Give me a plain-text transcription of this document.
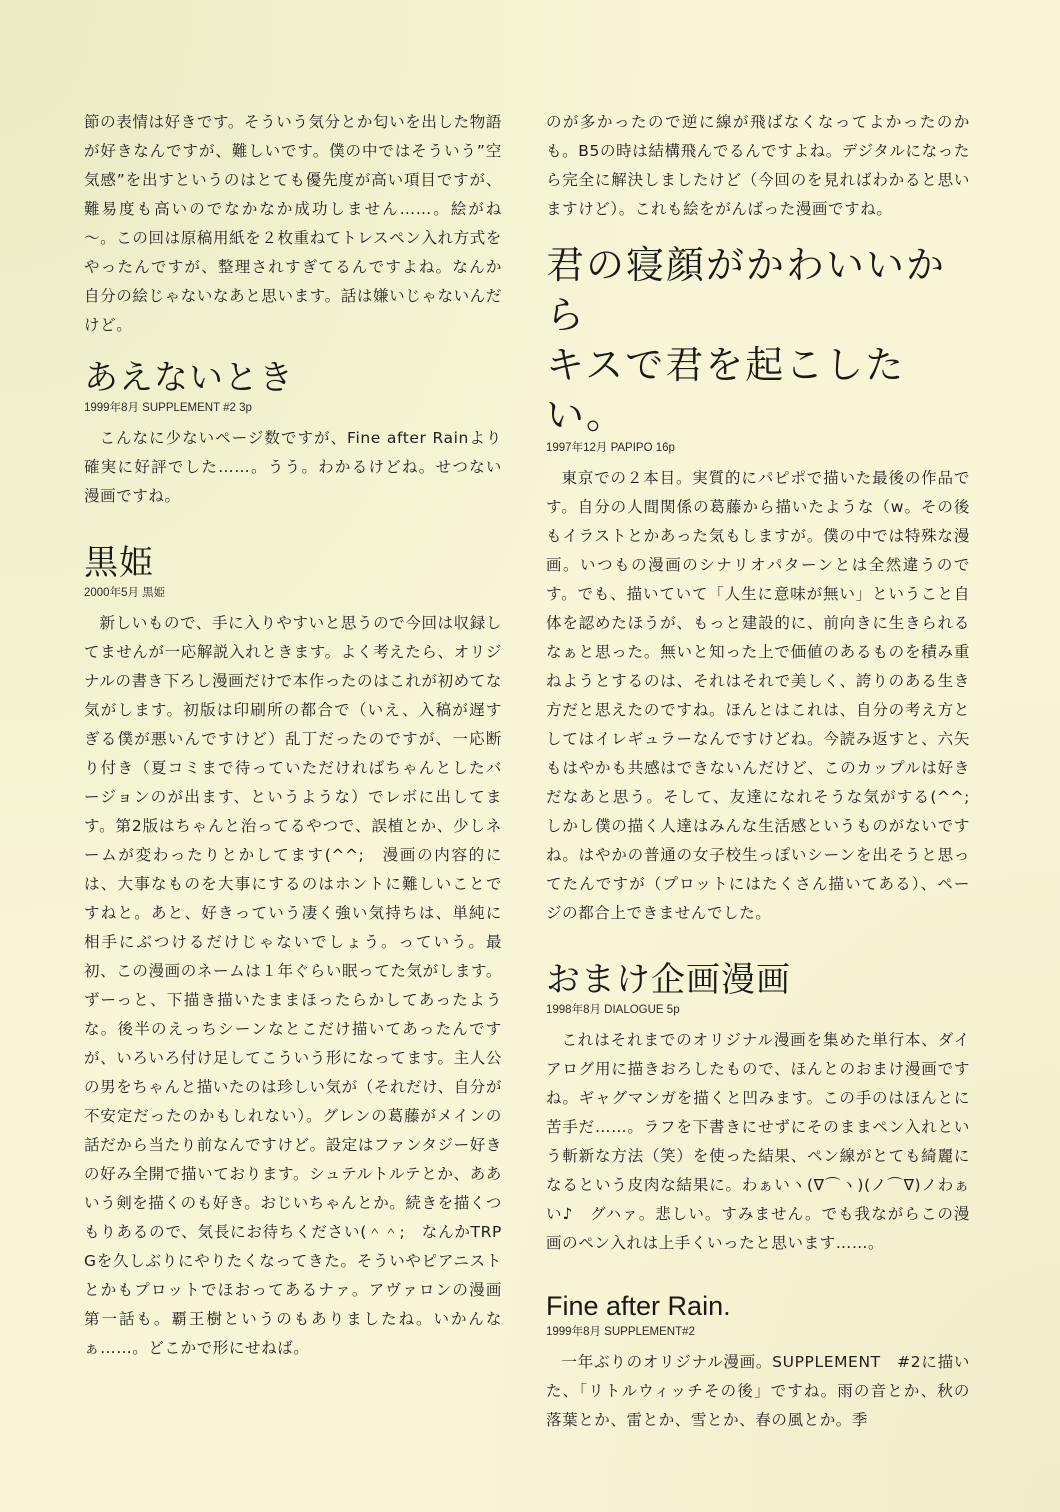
節の表情は好きです。そういう気分とか匂いを出した物語が好きなんですが、難しいです。僕の中ではそういう”空気感”を出すというのはとても優先度が高い項目ですが、難易度も高いのでなかなか成功しません……。絵がね～。この回は原稿用紙を２枚重ねてトレスペン入れ方式をやったんですが、整理されすぎてるんですよね。なんか自分の絵じゃないなあと思います。話は嫌いじゃないんだけど。

あえないとき

1999年8月 SUPPLEMENT #2 3p

こんなに少ないページ数ですが、Fine after Rainより確実に好評でした……。うう。わかるけどね。せつない漫画ですね。

黒姫

2000年5月 黒姫

新しいもので、手に入りやすいと思うので今回は収録してませんが一応解説入れときます。よく考えたら、オリジナルの書き下ろし漫画だけで本作ったのはこれが初めてな気がします。初版は印刷所の都合で（いえ、入稿が遅すぎる僕が悪いんですけど）乱丁だったのですが、一応断り付き（夏コミまで待っていただければちゃんとしたバージョンのが出ます、というような）でレボに出してます。第2版はちゃんと治ってるやつで、誤植とか、少しネームが変わったりとかしてます(^^;　漫画の内容的には、大事なものを大事にするのはホントに難しいことですねと。あと、好きっていう凄く強い気持ちは、単純に相手にぶつけるだけじゃないでしょう。っていう。最初、この漫画のネームは１年ぐらい眠ってた気がします。ずーっと、下描き描いたままほったらかしてあったような。後半のえっちシーンなとこだけ描いてあったんですが、いろいろ付け足してこういう形になってます。主人公の男をちゃんと描いたのは珍しい気が（それだけ、自分が不安定だったのかもしれない）。グレンの葛藤がメインの話だから当たり前なんですけど。設定はファンタジー好きの好み全開で描いております。シュテルトルテとか、ああいう剣を描くのも好き。おじいちゃんとか。続きを描くつもりあるので、気長にお待ちください(＾＾;　なんかTRPGを久しぶりにやりたくなってきた。そういやピアニストとかもプロットでほおってあるナァ。アヴァロンの漫画第一話も。覇王樹というのもありましたね。いかんなぁ……。どこかで形にせねば。

のが多かったので逆に線が飛ばなくなってよかったのかも。B5の時は結構飛んでるんですよね。デジタルになったら完全に解決しましたけど（今回のを見ればわかると思いますけど）。これも絵をがんばった漫画ですね。

君の寝顔がかわいいから
キスで君を起こしたい。

1997年12月 PAPIPO 16p

東京での２本目。実質的にパピポで描いた最後の作品です。自分の人間関係の葛藤から描いたような（w。その後もイラストとかあった気もしますが。僕の中では特殊な漫画。いつもの漫画のシナリオパターンとは全然違うのです。でも、描いていて「人生に意味が無い」ということ自体を認めたほうが、もっと建設的に、前向きに生きられるなぁと思った。無いと知った上で価値のあるものを積み重ねようとするのは、それはそれで美しく、誇りのある生き方だと思えたのですね。ほんとはこれは、自分の考え方としてはイレギュラーなんですけどね。今読み返すと、六矢もはやかも共感はできないんだけど、このカップルは好きだなあと思う。そして、友達になれそうな気がする(^^;　しかし僕の描く人達はみんな生活感というものがないですね。はやかの普通の女子校生っぽいシーンを出そうと思ってたんですが（プロットにはたくさん描いてある）、ページの都合上できませんでした。

おまけ企画漫画

1998年8月 DIALOGUE 5p

これはそれまでのオリジナル漫画を集めた単行本、ダイアログ用に描きおろしたもので、ほんとのおまけ漫画ですね。ギャグマンガを描くと凹みます。この手のはほんとに苦手だ……。ラフを下書きにせずにそのままペン入れという斬新な方法（笑）を使った結果、ペン線がとても綺麗になるという皮肉な結果に。わぁいヽ(∇⌒ヽ)(ノ⌒∇)ノわぁい♪　グハァ。悲しい。すみません。でも我ながらこの漫画のペン入れは上手くいったと思います……。

Fine after Rain.

1999年8月 SUPPLEMENT#2

一年ぶりのオリジナル漫画。SUPPLEMENT　#2に描いた、「リトルウィッチその後」ですね。雨の音とか、秋の落葉とか、雷とか、雪とか、春の風とか。季
